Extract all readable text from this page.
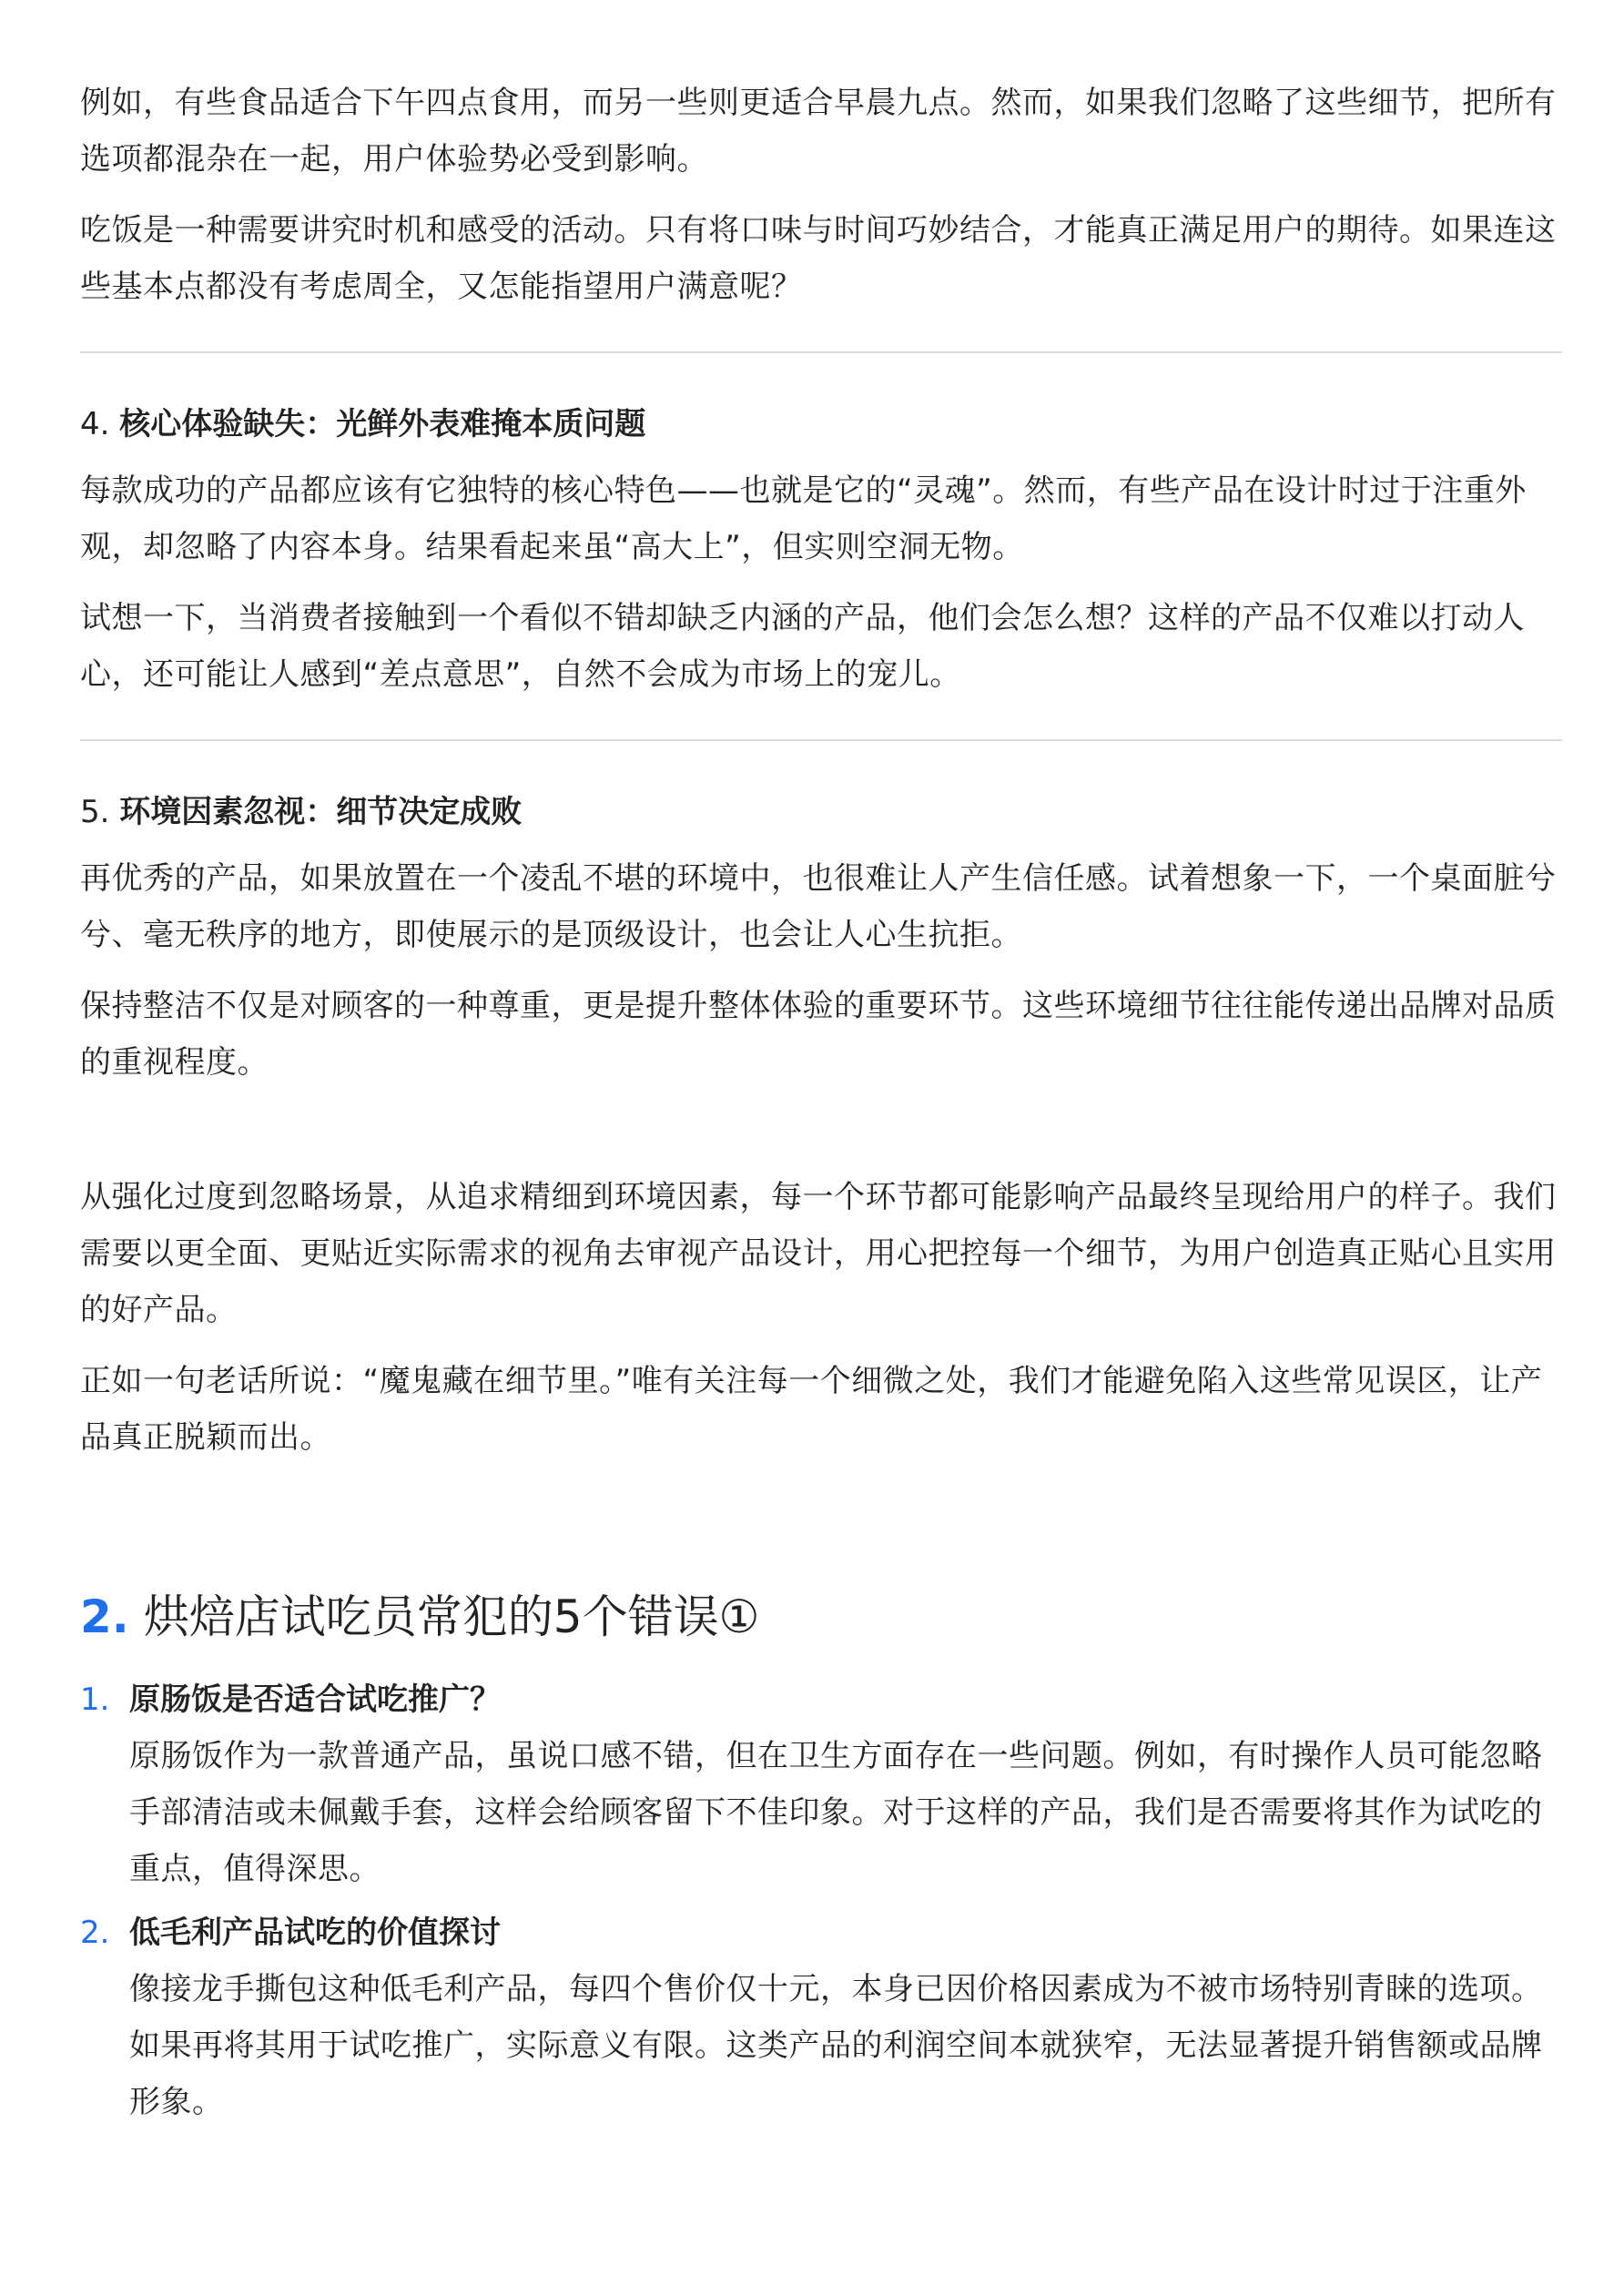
例如，有些食品适合下午四点食用，而另一些则更适合早晨九点。然而，如果我们忽略了这些细节，把所有选项都混杂在一起，用户体验势必受到影响。

吃饭是一种需要讲究时机和感受的活动。只有将口味与时间巧妙结合，才能真正满足用户的期待。如果连这些基本点都没有考虑周全，又怎能指望用户满意呢？

4. 核心体验缺失：光鲜外表难掩本质问题

每款成功的产品都应该有它独特的核心特色——也就是它的“灵魂”。然而，有些产品在设计时过于注重外观，却忽略了内容本身。结果看起来虽“高大上”，但实则空洞无物。

试想一下，当消费者接触到一个看似不错却缺乏内涵的产品，他们会怎么想？这样的产品不仅难以打动人心，还可能让人感到“差点意思”，自然不会成为市场上的宠儿。

5. 环境因素忽视：细节决定成败

再优秀的产品，如果放置在一个凌乱不堪的环境中，也很难让人产生信任感。试着想象一下，一个桌面脏兮兮、毫无秩序的地方，即使展示的是顶级设计，也会让人心生抗拒。

保持整洁不仅是对顾客的一种尊重，更是提升整体体验的重要环节。这些环境细节往往能传递出品牌对品质的重视程度。

从强化过度到忽略场景，从追求精细到环境因素，每一个环节都可能影响产品最终呈现给用户的样子。我们需要以更全面、更贴近实际需求的视角去审视产品设计，用心把控每一个细节，为用户创造真正贴心且实用的好产品。

正如一句老话所说：“魔鬼藏在细节里。”唯有关注每一个细微之处，我们才能避免陷入这些常见误区，让产品真正脱颖而出。

2. 烘焙店试吃员常犯的5个错误①
1. 原肠饭是否适合试吃推广？
原肠饭作为一款普通产品，虽说口感不错，但在卫生方面存在一些问题。例如，有时操作人员可能忽略手部清洁或未佩戴手套，这样会给顾客留下不佳印象。对于这样的产品，我们是否需要将其作为试吃的重点，值得深思。
2. 低毛利产品试吃的价值探讨
像接龙手撕包这种低毛利产品，每四个售价仅十元，本身已因价格因素成为不被市场特别青睐的选项。如果再将其用于试吃推广，实际意义有限。这类产品的利润空间本就狭窄，无法显著提升销售额或品牌形象。
